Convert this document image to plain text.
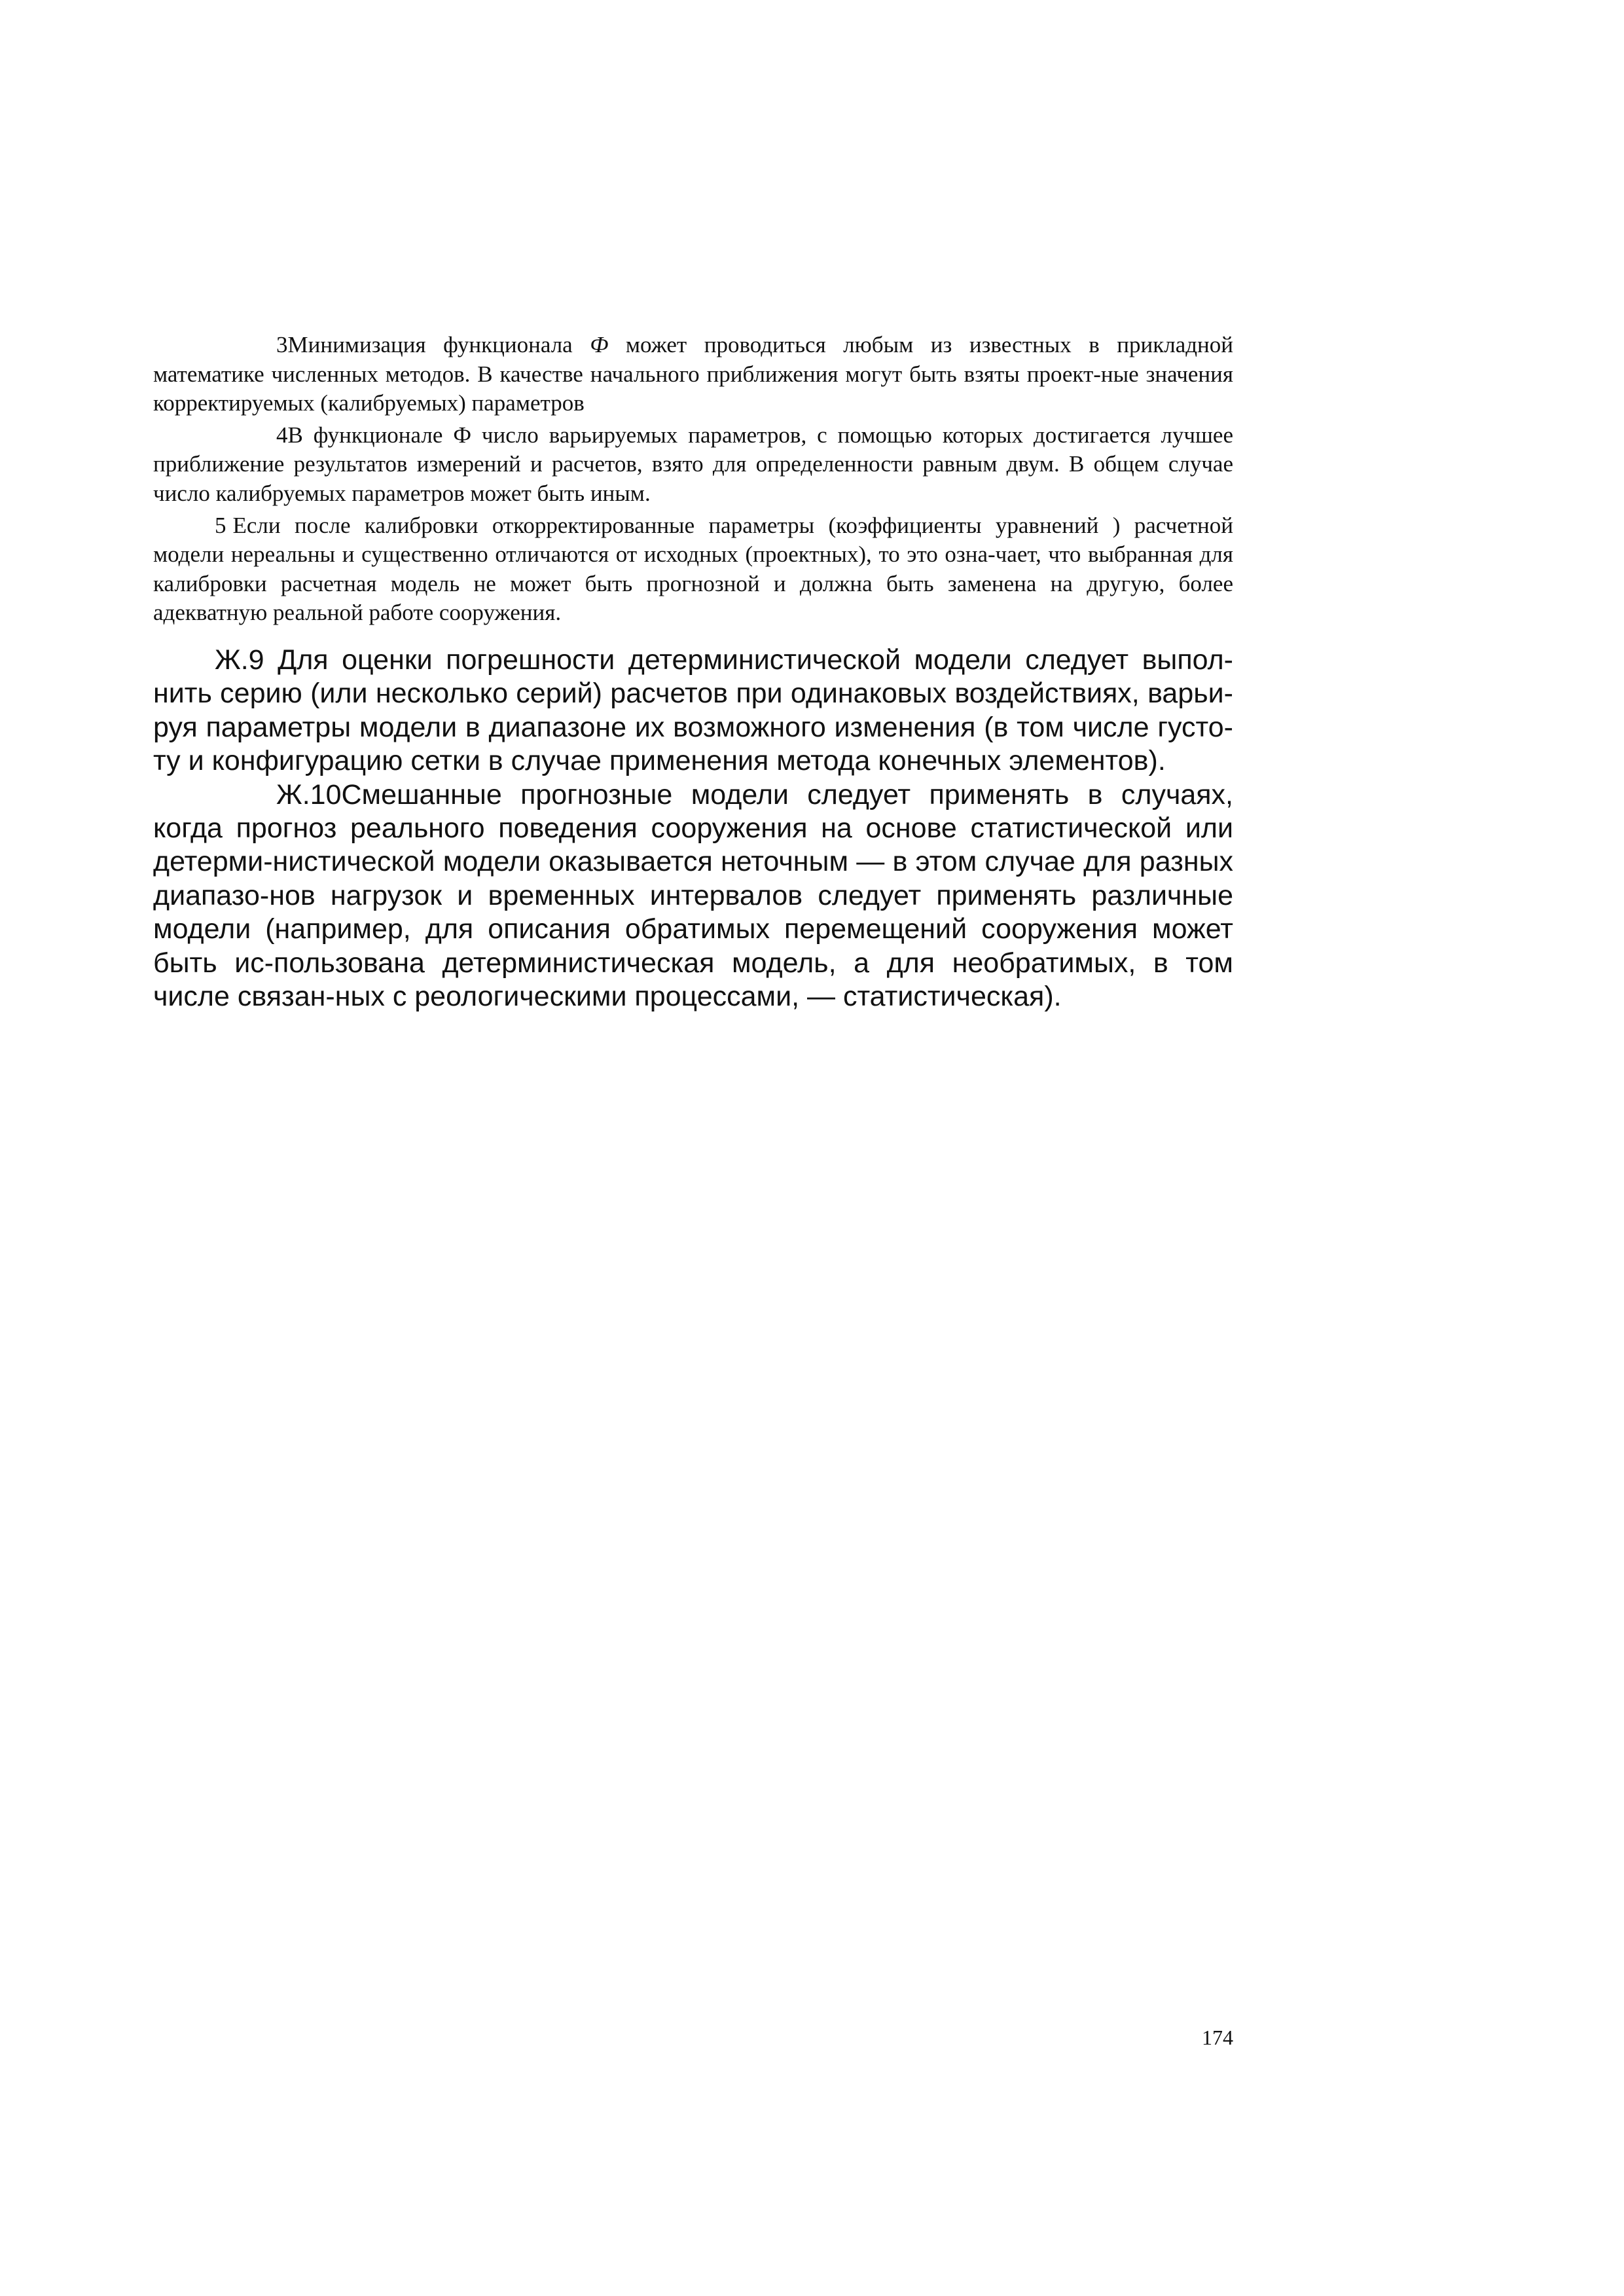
3Минимизация функционала Ф может проводиться любым из известных в прикладной математике численных методов. В качестве начального приближения могут быть взяты проект-ные значения корректируемых (калибруемых) параметров

4В функционале Ф число варьируемых параметров, с помощью которых достигается лучшее приближение результатов измерений и расчетов, взято для определенности равным двум. В общем случае число калибруемых параметров может быть иным.

5 Если после калибровки откорректированные параметры (коэффициенты уравнений ) расчетной модели нереальны и существенно отличаются от исходных (проектных), то это озна-чает, что выбранная для калибровки расчетная модель не может быть прогнозной и должна быть заменена на другую, более адекватную реальной работе сооружения.

Ж.9 Для оценки погрешности детерминистической модели следует выпол-нить серию (или несколько серий) расчетов при одинаковых воздействиях, варьи-руя параметры модели в диапазоне их возможного изменения (в том числе густо-ту и конфигурацию сетки в случае применения метода конечных элементов).

Ж.10Смешанные прогнозные модели следует применять в случаях, когда прогноз реального поведения сооружения на основе статистической или детерми-нистической модели оказывается неточным — в этом случае для разных диапазо-нов нагрузок и временных интервалов следует применять различные модели (например, для описания обратимых перемещений сооружения может быть ис-пользована детерминистическая модель, а для необратимых, в том числе связан-ных с реологическими процессами, — статистическая).

174
